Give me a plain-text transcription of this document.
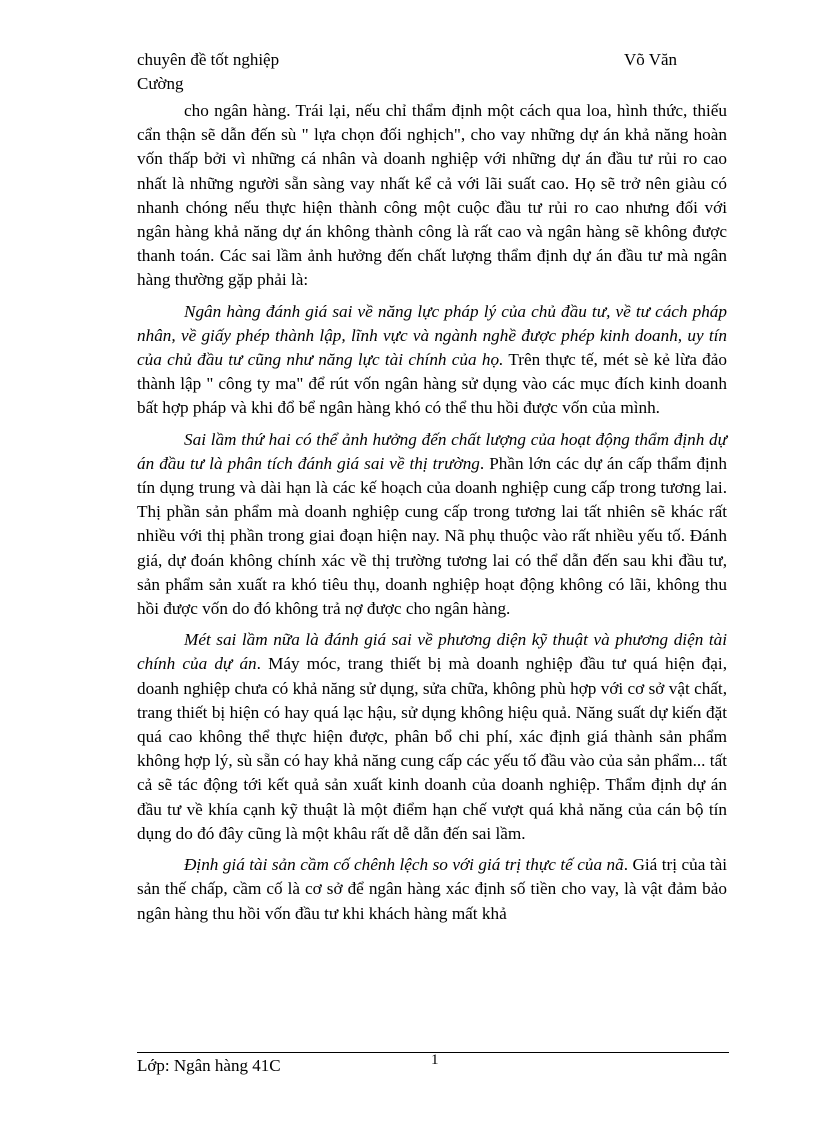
chuyên đề tốt nghiệp	Võ Văn
Cường

cho ngân hàng. Trái lại, nếu chỉ thẩm định một cách qua loa, hình thức, thiếu cẩn thận sẽ dẫn đến sù " lựa chọn đối nghịch", cho vay những dự án khả năng hoàn vốn thấp bởi vì những cá nhân và doanh nghiệp với những dự án đầu tư rủi ro cao nhất là những người sẵn sàng vay nhất kể cả với lãi suất cao. Họ sẽ trở nên giàu có nhanh chóng nếu thực hiện thành công một cuộc đầu tư rủi ro cao nhưng đối với ngân hàng khả năng dự án không thành công là rất cao và ngân hàng sẽ không được thanh toán. Các sai lầm ảnh hưởng đến chất lượng thẩm định dự án đầu tư mà ngân hàng thường gặp phải là:

Ngân hàng đánh giá sai về năng lực pháp lý của chủ đầu tư, về tư cách pháp nhân, về giấy phép thành lập, lĩnh vực và ngành nghề được phép kinh doanh, uy tín của chủ đầu tư cũng như năng lực tài chính của họ. Trên thực tế, mét sè kẻ lừa đảo thành lập " công ty ma" để rút vốn ngân hàng sử dụng vào các mục đích kinh doanh bất hợp pháp và khi đổ bể ngân hàng khó có thể thu hồi được vốn của mình.

Sai lầm thứ hai có thể ảnh hưởng đến chất lượng của hoạt động thẩm định dự án đầu tư là phân tích đánh giá sai về thị trường. Phần lớn các dự án cấp thẩm định tín dụng trung và dài hạn là các kế hoạch của doanh nghiệp cung cấp trong tương lai. Thị phần sản phẩm mà doanh nghiệp cung cấp trong tương lai tất nhiên sẽ khác rất nhiều với thị phần trong giai đoạn hiện nay. Nã phụ thuộc vào rất nhiều yếu tố. Đánh giá, dự đoán không chính xác về thị trường tương lai có thể dẫn đến sau khi đầu tư, sản phẩm sản xuất ra khó tiêu thụ, doanh nghiệp hoạt động không có lãi, không thu hồi được vốn do đó không trả nợ được cho ngân hàng.

Mét sai lầm nữa là đánh giá sai về phương diện kỹ thuật và phương diện tài chính của dự án. Máy móc, trang thiết bị mà doanh nghiệp đầu tư quá hiện đại, doanh nghiệp chưa có khả năng sử dụng, sửa chữa, không phù hợp với cơ sở vật chất, trang thiết bị hiện có hay quá lạc hậu, sử dụng không hiệu quả. Năng suất dự kiến đặt quá cao không thể thực hiện được, phân bổ chi phí, xác định giá thành sản phẩm không hợp lý, sù sẵn có hay khả năng cung cấp các yếu tố đầu vào của sản phẩm... tất cả sẽ tác động tới kết quả sản xuất kinh doanh của doanh nghiệp. Thẩm định dự án đầu tư về khía cạnh kỹ thuật là một điểm hạn chế vượt quá khả năng của cán bộ tín dụng do đó đây cũng là một khâu rất dễ dẫn đến sai lầm.

Định giá tài sản cầm cố chênh lệch so với giá trị thực tế của nã. Giá trị của tài sản thế chấp, cầm cố là cơ sở để ngân hàng xác định số tiền cho vay, là vật đảm bảo ngân hàng thu hồi vốn đầu tư khi khách hàng mất khả

Lớp: Ngân hàng 41C	1
